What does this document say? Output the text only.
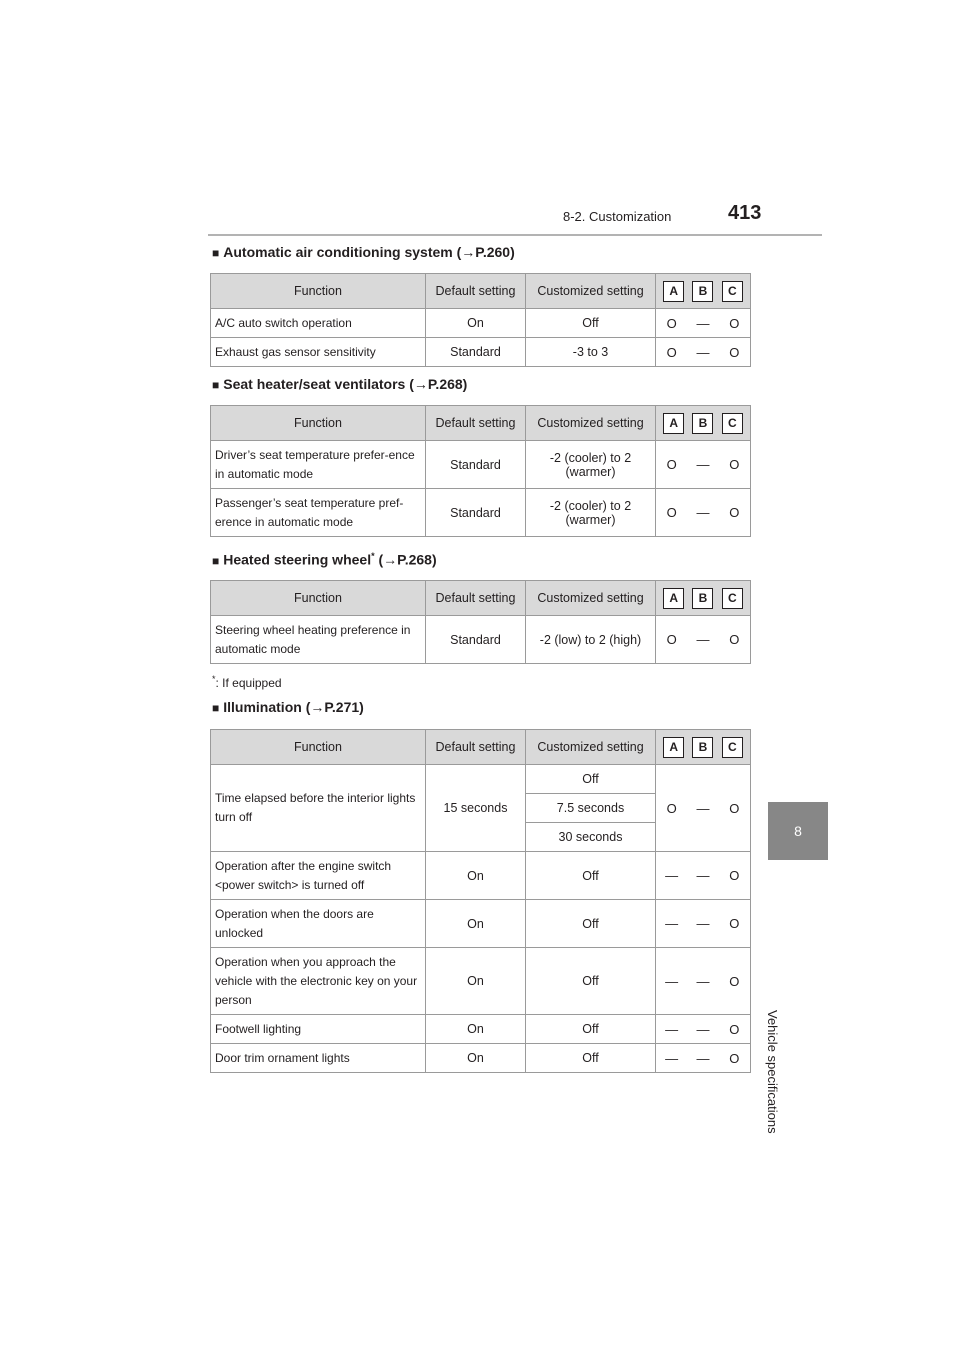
8-2. Customization	413
8
Vehicle specifications
■ Automatic air conditioning system (→P.260)
Function	Default setting	Customized setting	A B C

A/C auto switch operation	On	Off	O — O

Exhaust gas sensor sensitivity	Standard	-3 to 3	O — O
■ Seat heater/seat ventilators (→P.268)
Function	Default setting	Customized setting	A B C

Driver’s seat temperature prefer-ence in automatic mode	Standard	-2 (cooler) to 2 (warmer)	O — O

Passenger’s seat temperature pref-erence in automatic mode	Standard	-2 (cooler) to 2 (warmer)	O — O
■ Heated steering wheel* (→P.268)
Function	Default setting	Customized setting	A B C

Steering wheel heating preference in automatic mode	Standard	-2 (low) to 2 (high)	O — O
*: If equipped
■ Illumination (→P.271)
Function	Default setting	Customized setting	A B C

Time elapsed before the interior lights turn off	15 seconds	Off	O — O

		7.5 seconds	
		30 seconds	
Operation after the engine switch <power switch> is turned off	On	Off	— — O

Operation when the doors are unlocked	On	Off	— — O

Operation when you approach the vehicle with the electronic key on your person	On	Off	— — O

Footwell lighting	On	Off	— — O

Door trim ornament lights	On	Off	— — O
